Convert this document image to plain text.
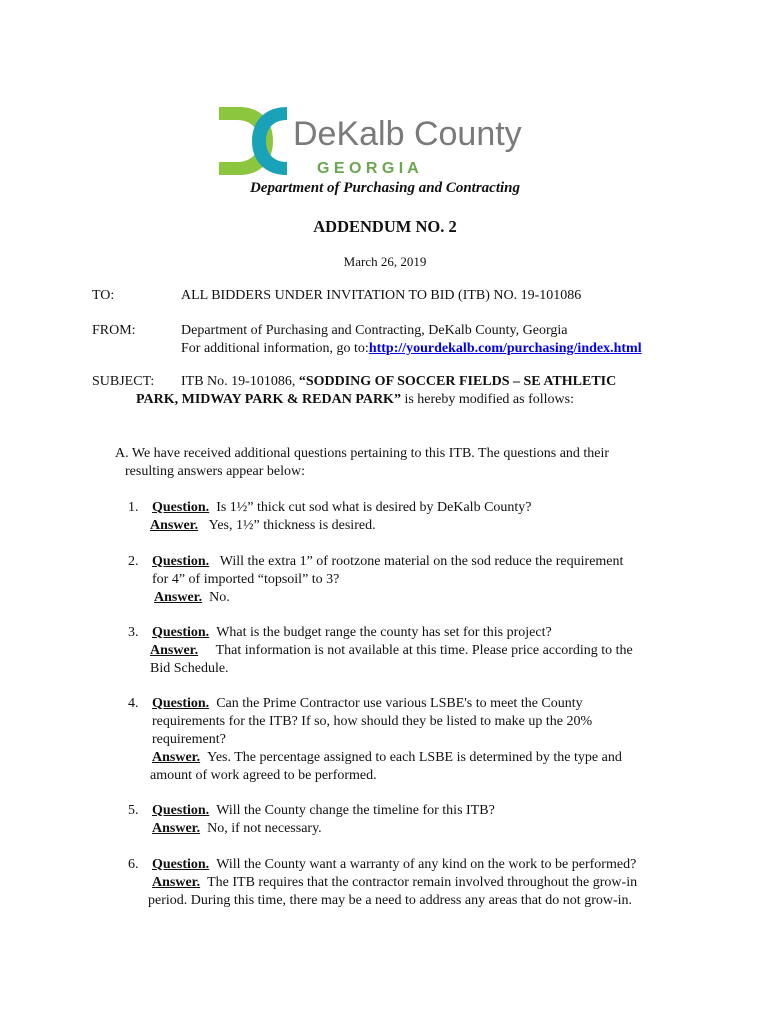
DeKalb County
G E O R G I A
Department of Purchasing and Contracting
ADDENDUM NO. 2
March 26, 2019
TO:	ALL BIDDERS UNDER INVITATION TO BID (ITB) NO. 19-101086
FROM:	Department of Purchasing and Contracting, DeKalb County, Georgia
For additional information, go to:http://yourdekalb.com/purchasing/index.html
SUBJECT: ITB No. 19-101086, “SODDING OF SOCCER FIELDS – SE ATHLETIC
PARK, MIDWAY PARK & REDAN PARK” is hereby modified as follows:
A. We have received additional questions pertaining to this ITB. The questions and their
resulting answers appear below:
1. Question. Is 1½” thick cut sod what is desired by DeKalb County?
Answer. Yes, 1½” thickness is desired.
2. Question. Will the extra 1” of rootzone material on the sod reduce the requirement
for 4” of imported “topsoil” to 3?
Answer. No.
3. Question. What is the budget range the county has set for this project?
Answer. That information is not available at this time. Please price according to the
Bid Schedule.
4. Question. Can the Prime Contractor use various LSBE's to meet the County
requirements for the ITB? If so, how should they be listed to make up the 20%
requirement?
Answer. Yes. The percentage assigned to each LSBE is determined by the type and
amount of work agreed to be performed.
5. Question. Will the County change the timeline for this ITB?
Answer. No, if not necessary.
6. Question. Will the County want a warranty of any kind on the work to be performed?
Answer. The ITB requires that the contractor remain involved throughout the grow-in
period. During this time, there may be a need to address any areas that do not grow-in.
